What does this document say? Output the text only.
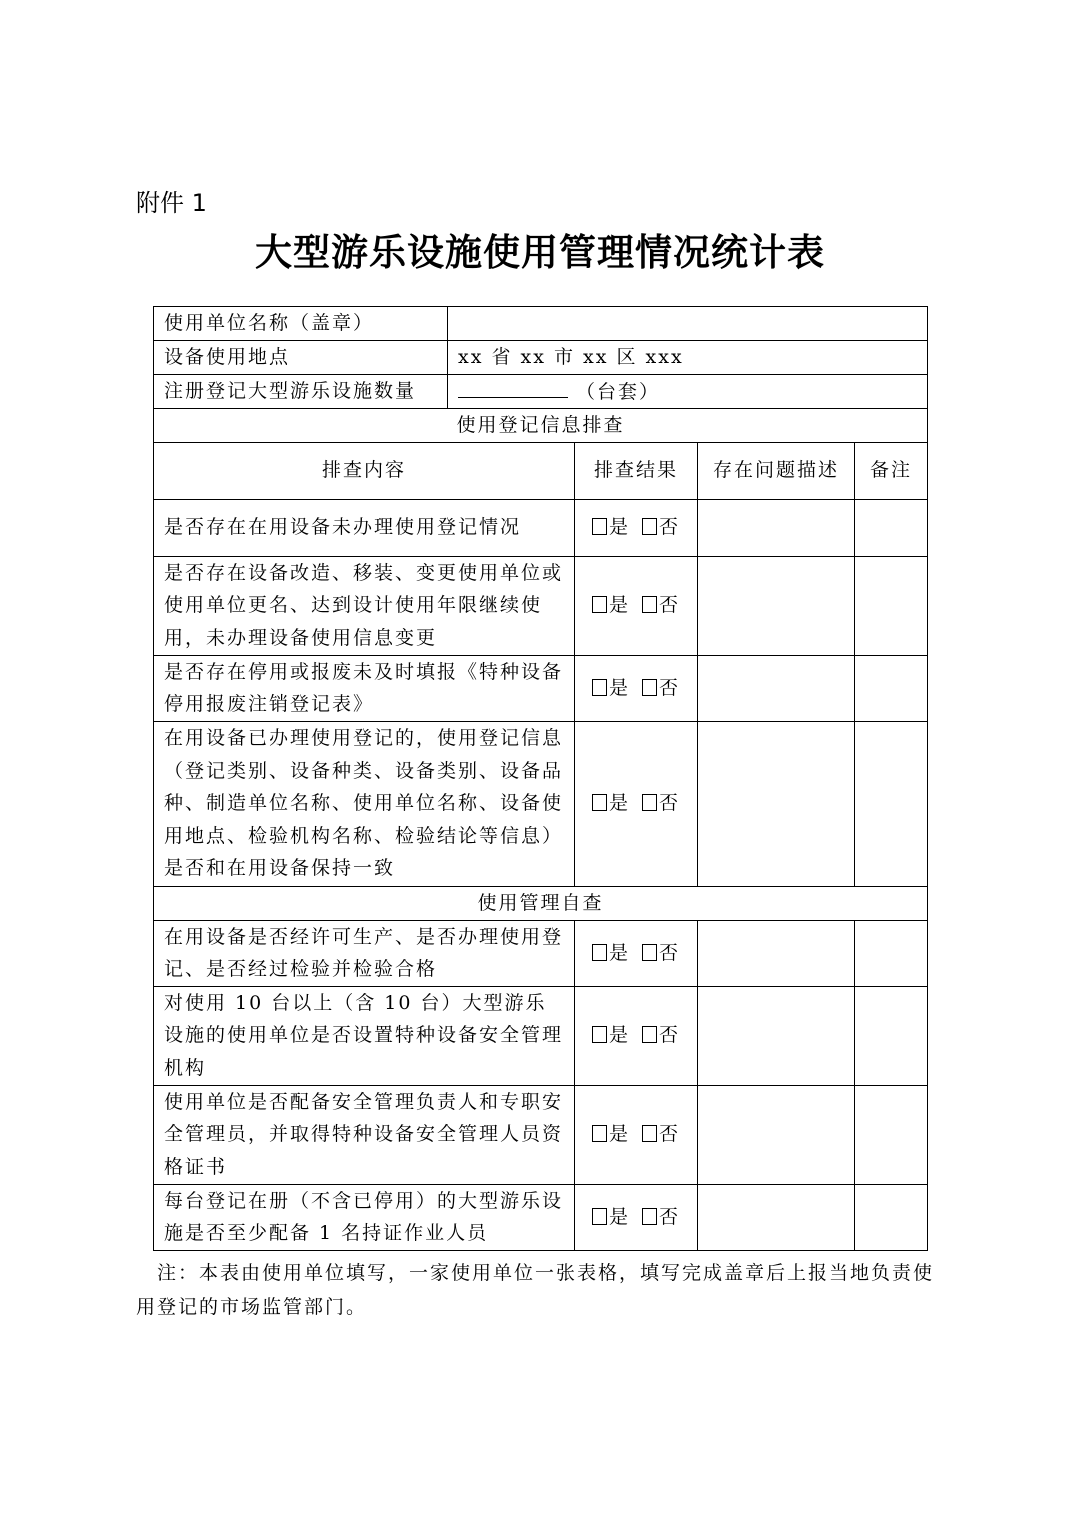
附件 1
大型游乐设施使用管理情况统计表
使用单位名称（盖章）				
设备使用地点	xx 省 xx 市 xx 区 xxx			
注册登记大型游乐设施数量	（台套）			
使用登记信息排查				
排查内容		排查结果	存在问题描述	备注
是否存在在用设备未办理使用登记情况		是 否		
是否存在设备改造、移装、变更使用单位或使用单位更名、达到设计使用年限继续使用，未办理设备使用信息变更		是 否		
是否存在停用或报废未及时填报《特种设备停用报废注销登记表》		是 否		
在用设备已办理使用登记的，使用登记信息（登记类别、设备种类、设备类别、设备品种、制造单位名称、使用单位名称、设备使用地点、检验机构名称、检验结论等信息）是否和在用设备保持一致		是 否		
使用管理自查				
在用设备是否经许可生产、是否办理使用登记、是否经过检验并检验合格		是 否		
对使用 10 台以上（含 10 台）大型游乐设施的使用单位是否设置特种设备安全管理机构		是 否		
使用单位是否配备安全管理负责人和专职安全管理员，并取得特种设备安全管理人员资格证书		是 否		
每台登记在册（不含已停用）的大型游乐设施是否至少配备 1 名持证作业人员		是 否		
注：本表由使用单位填写，一家使用单位一张表格，填写完成盖章后上报当地负责使用登记的市场监管部门。
